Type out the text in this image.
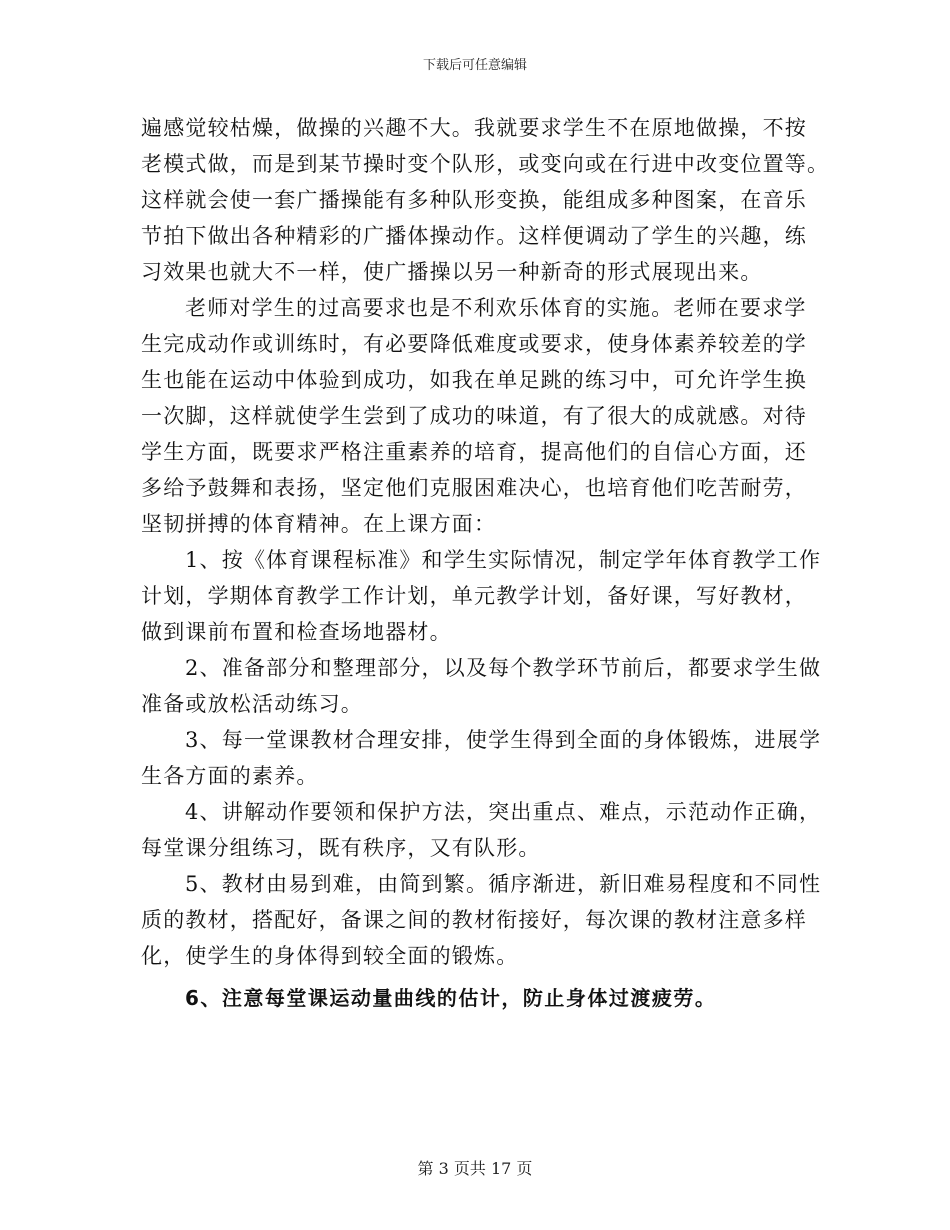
下载后可任意编辑

遍感觉较枯燥，做操的兴趣不大。我就要求学生不在原地做操，不按
老模式做，而是到某节操时变个队形，或变向或在行进中改变位置等。
这样就会使一套广播操能有多种队形变换，能组成多种图案，在音乐
节拍下做出各种精彩的广播体操动作。这样便调动了学生的兴趣，练
习效果也就大不一样，使广播操以另一种新奇的形式展现出来。

老师对学生的过高要求也是不利欢乐体育的实施。老师在要求学
生完成动作或训练时，有必要降低难度或要求，使身体素养较差的学
生也能在运动中体验到成功，如我在单足跳的练习中，可允许学生换
一次脚，这样就使学生尝到了成功的味道，有了很大的成就感。对待
学生方面，既要求严格注重素养的培育，提高他们的自信心方面，还
多给予鼓舞和表扬，坚定他们克服困难决心，也培育他们吃苦耐劳，
坚韧拼搏的体育精神。在上课方面：

1、按《体育课程标准》和学生实际情况，制定学年体育教学工作
计划，学期体育教学工作计划，单元教学计划，备好课，写好教材，
做到课前布置和检查场地器材。

2、准备部分和整理部分，以及每个教学环节前后，都要求学生做
准备或放松活动练习。

3、每一堂课教材合理安排，使学生得到全面的身体锻炼，进展学
生各方面的素养。

4、讲解动作要领和保护方法，突出重点、难点，示范动作正确，
每堂课分组练习，既有秩序，又有队形。

5、教材由易到难，由简到繁。循序渐进，新旧难易程度和不同性
质的教材，搭配好，备课之间的教材衔接好，每次课的教材注意多样
化，使学生的身体得到较全面的锻炼。

6、注意每堂课运动量曲线的估计，防止身体过渡疲劳。

第 3 页共 17 页
